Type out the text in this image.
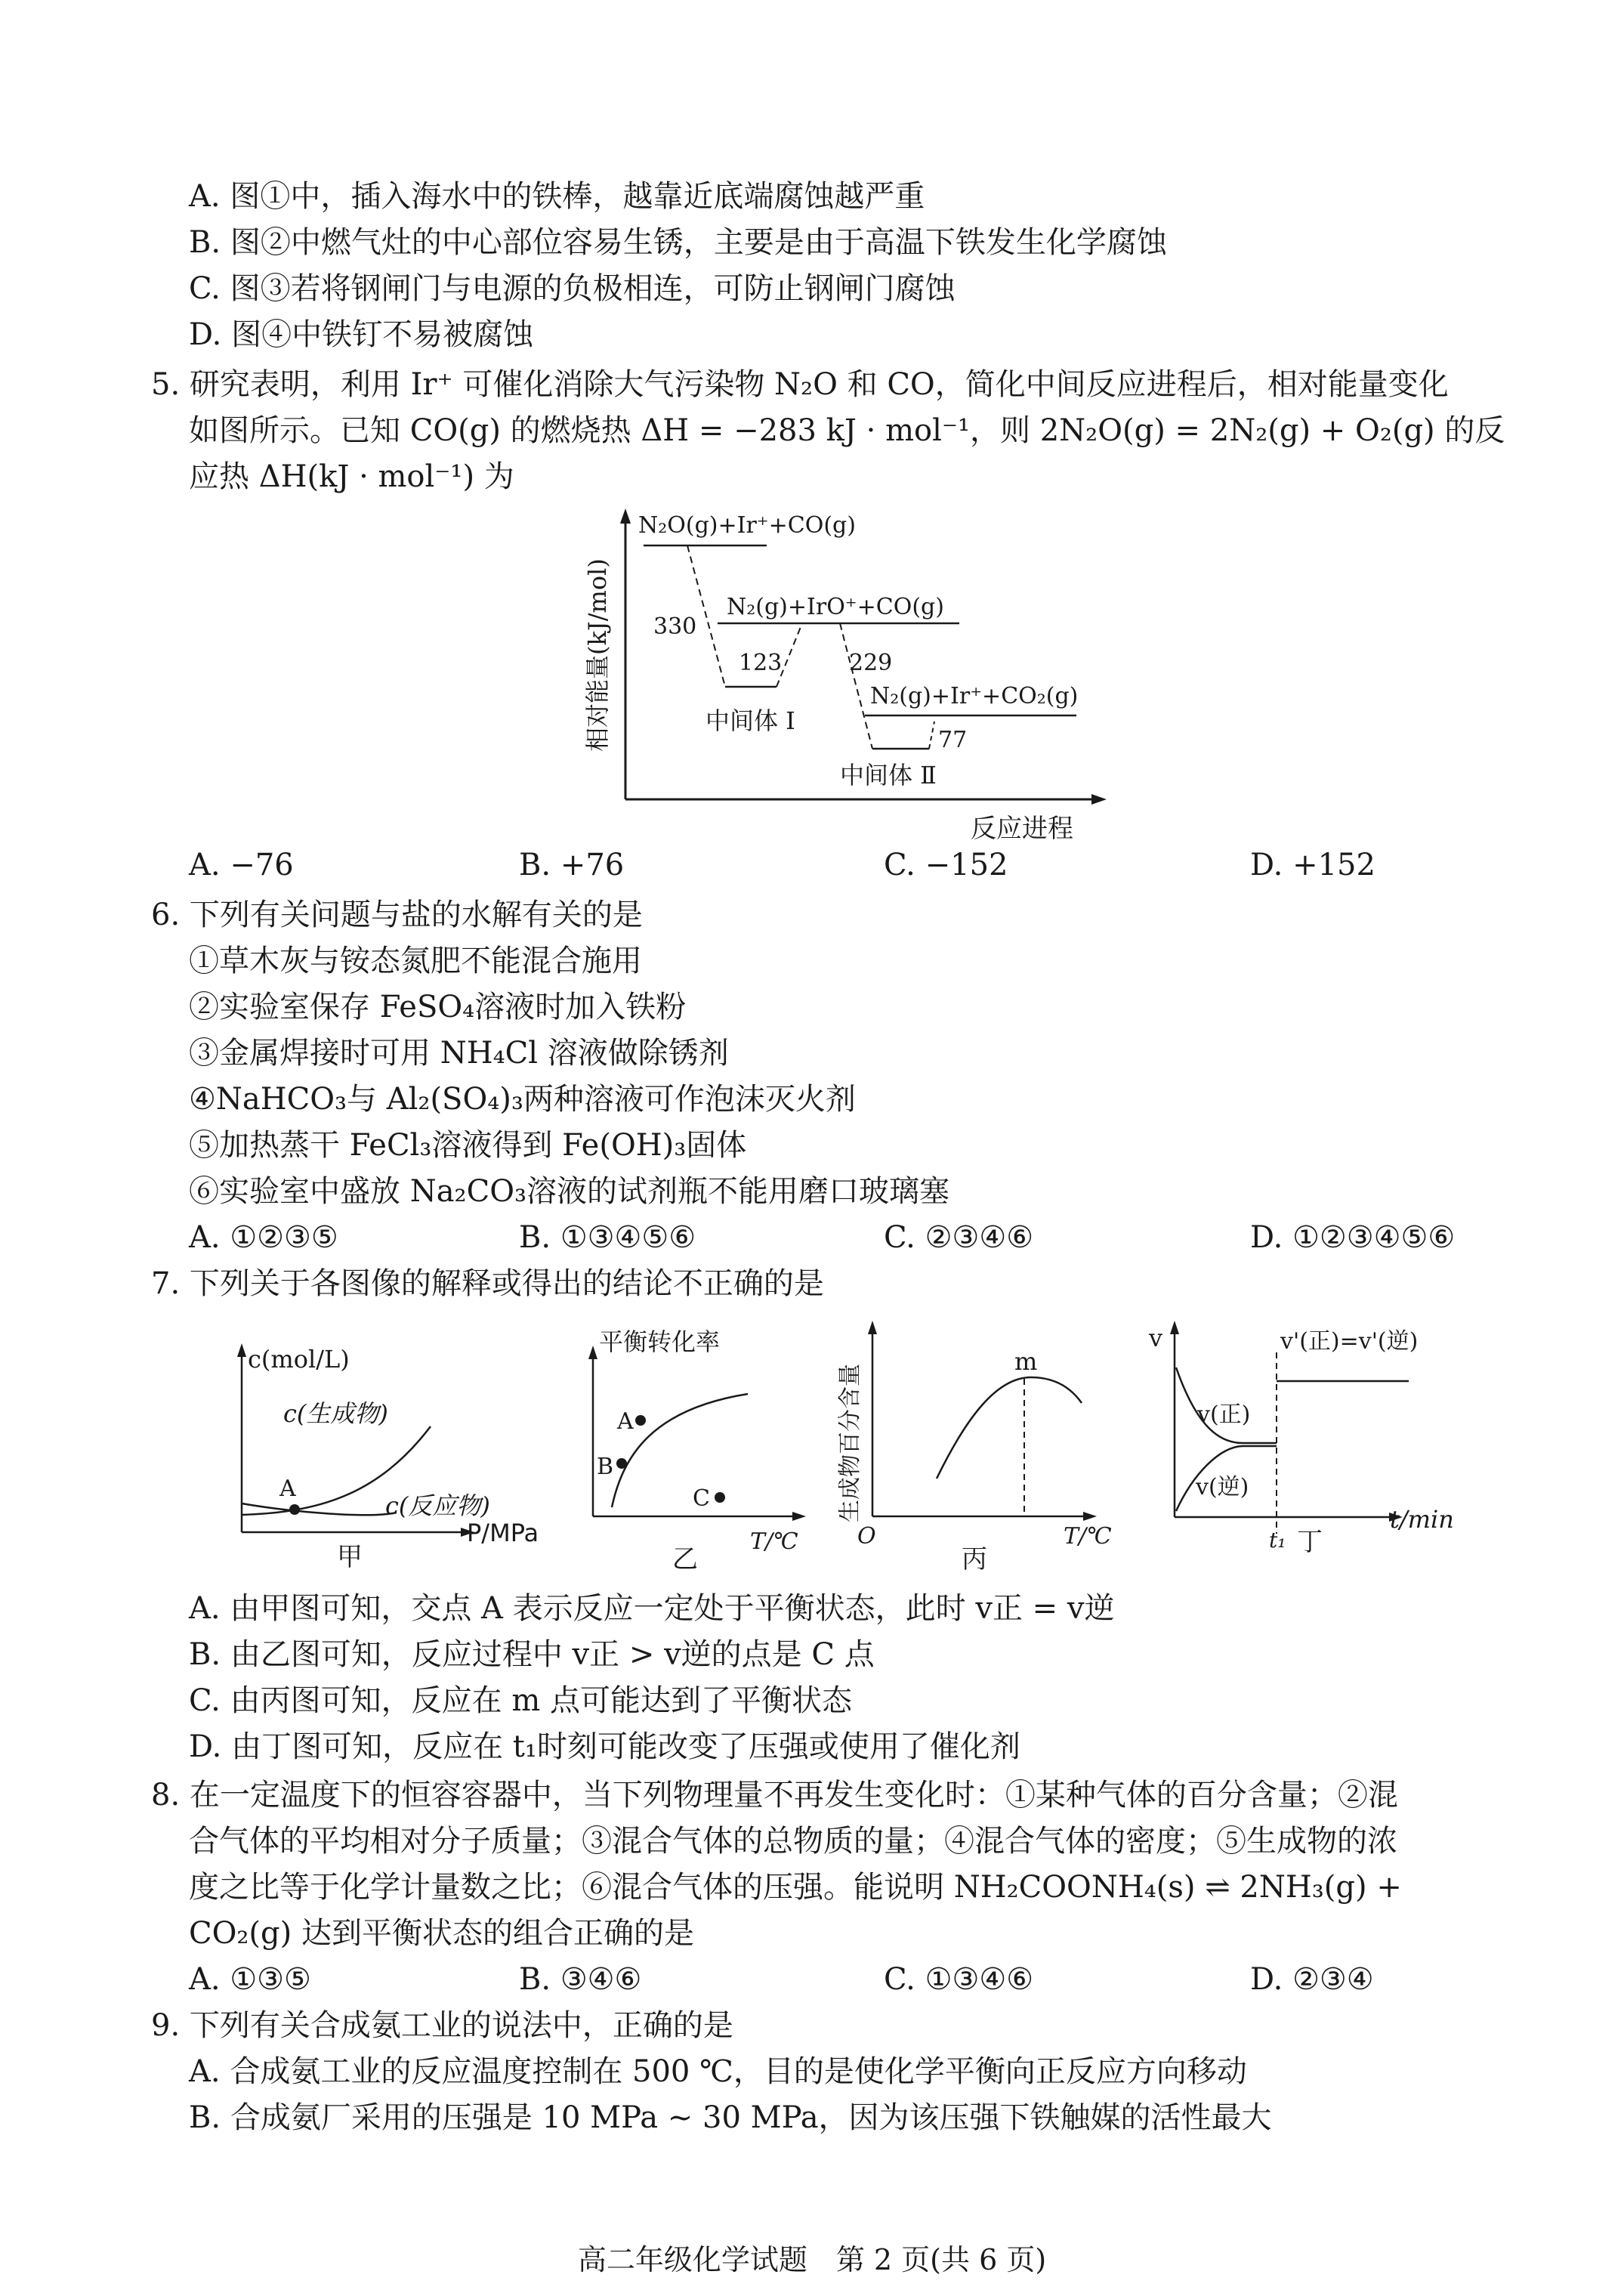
A. 图①中，插入海水中的铁棒，越靠近底端腐蚀越严重
B. 图②中燃气灶的中心部位容易生锈，主要是由于高温下铁发生化学腐蚀
C. 图③若将钢闸门与电源的负极相连，可防止钢闸门腐蚀
D. 图④中铁钉不易被腐蚀
5. 研究表明，利用 Ir⁺ 可催化消除大气污染物 N₂O 和 CO，简化中间反应进程后，相对能量变化
如图所示。已知 CO(g) 的燃烧热 ΔH = −283 kJ · mol⁻¹，则 2N₂O(g) = 2N₂(g) + O₂(g) 的反
应热 ΔH(kJ · mol⁻¹) 为
相对能量(kJ/mol)
反应进程
N₂O(g)+Ir⁺+CO(g)
330
123
中间体 Ⅰ
N₂(g)+IrO⁺+CO(g)
229
77
中间体 Ⅱ
N₂(g)+Ir⁺+CO₂(g)
A. −76	B. +76	C. −152	D. +152
6. 下列有关问题与盐的水解有关的是
①草木灰与铵态氮肥不能混合施用
②实验室保存 FeSO₄溶液时加入铁粉
③金属焊接时可用 NH₄Cl 溶液做除锈剂
④NaHCO₃与 Al₂(SO₄)₃两种溶液可作泡沫灭火剂
⑤加热蒸干 FeCl₃溶液得到 Fe(OH)₃固体
⑥实验室中盛放 Na₂CO₃溶液的试剂瓶不能用磨口玻璃塞
A. ①②③⑤	B. ①③④⑤⑥	C. ②③④⑥	D. ①②③④⑤⑥
7. 下列关于各图像的解释或得出的结论不正确的是
c(mol/L)
P/MPa
A
c(生成物)
c(反应物)
甲
平衡转化率
T/℃
A
B
C
乙
生成物百分含量
O	T/℃
m
丙
v
t/min
v'(正)=v'(逆)
v(正)
v(逆)
t₁ 丁
A. 由甲图可知，交点 A 表示反应一定处于平衡状态，此时 v正 = v逆
B. 由乙图可知，反应过程中 v正 > v逆的点是 C 点
C. 由丙图可知，反应在 m 点可能达到了平衡状态
D. 由丁图可知，反应在 t₁时刻可能改变了压强或使用了催化剂
8. 在一定温度下的恒容容器中，当下列物理量不再发生变化时：①某种气体的百分含量；②混
合气体的平均相对分子质量；③混合气体的总物质的量；④混合气体的密度；⑤生成物的浓
度之比等于化学计量数之比；⑥混合气体的压强。能说明 NH₂COONH₄(s) ⇌ 2NH₃(g) +
CO₂(g) 达到平衡状态的组合正确的是
A. ①③⑤	B. ③④⑥	C. ①③④⑥	D. ②③④
9. 下列有关合成氨工业的说法中，正确的是
A. 合成氨工业的反应温度控制在 500 ℃，目的是使化学平衡向正反应方向移动
B. 合成氨厂采用的压强是 10 MPa ~ 30 MPa，因为该压强下铁触媒的活性最大
高二年级化学试题　第 2 页(共 6 页)
